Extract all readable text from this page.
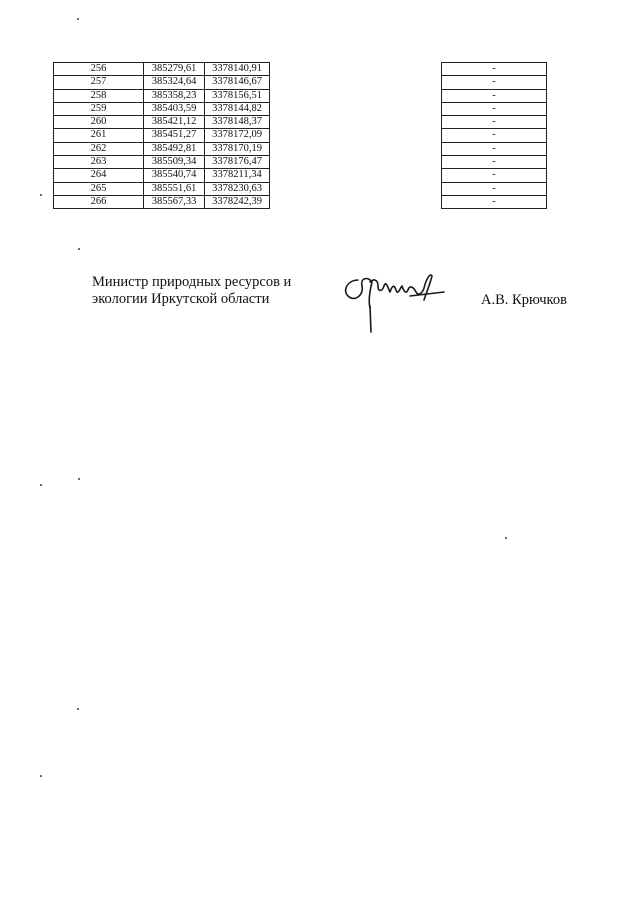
256	385279,61	3378140,91		-
257	385324,64	3378146,67		-
258	385358,23	3378156,51		-
259	385403,59	3378144,82		-
260	385421,12	3378148,37		-
261	385451,27	3378172,09		-
262	385492,81	3378170,19		-
263	385509,34	3378176,47		-
264	385540,74	3378211,34		-
265	385551,61	3378230,63		-
266	385567,33	3378242,39		-
Министр природных ресурсов и
экологии Иркутской области	А.В. Крючков
